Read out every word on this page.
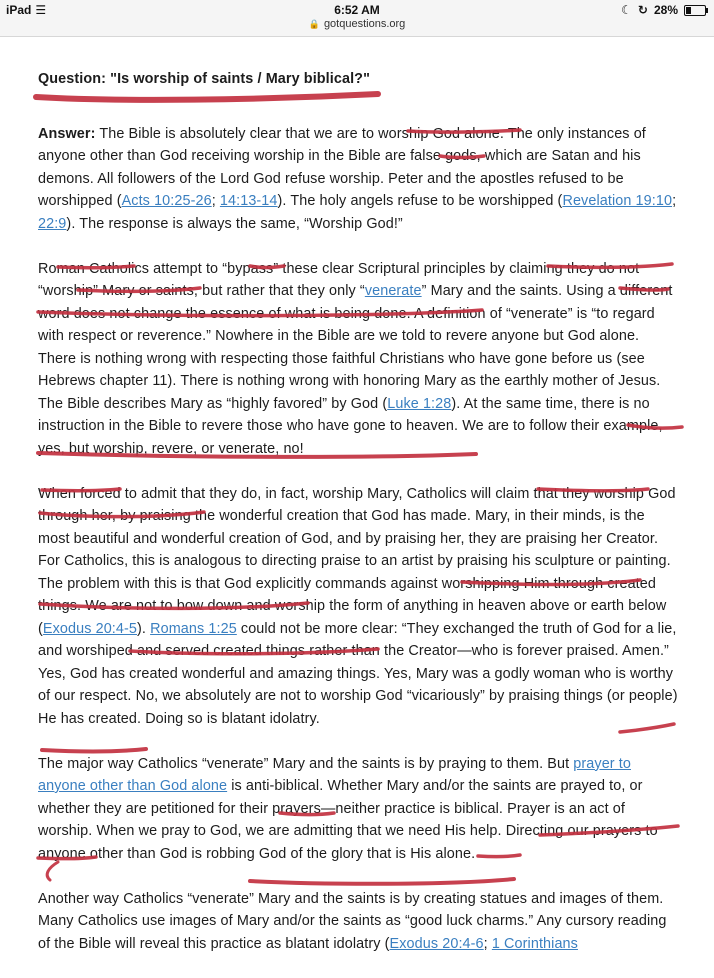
iPad ☰	6:52 AM	☾ ↻ 28%
🔒 gotquestions.org
Question: "Is worship of saints / Mary biblical?"

Answer: The Bible is absolutely clear that we are to worship God alone. The only instances of anyone other than God receiving worship in the Bible are false gods, which are Satan and his demons. All followers of the Lord God refuse worship. Peter and the apostles refused to be worshipped (Acts 10:25-26; 14:13-14). The holy angels refuse to be worshipped (Revelation 19:10; 22:9). The response is always the same, “Worship God!”

Roman Catholics attempt to “bypass” these clear Scriptural principles by claiming they do not “worship” Mary or saints, but rather that they only “venerate” Mary and the saints. Using a different word does not change the essence of what is being done. A definition of “venerate” is “to regard with respect or reverence.” Nowhere in the Bible are we told to revere anyone but God alone. There is nothing wrong with respecting those faithful Christians who have gone before us (see Hebrews chapter 11). There is nothing wrong with honoring Mary as the earthly mother of Jesus. The Bible describes Mary as “highly favored” by God (Luke 1:28). At the same time, there is no instruction in the Bible to revere those who have gone to heaven. We are to follow their example, yes, but worship, revere, or venerate, no!

When forced to admit that they do, in fact, worship Mary, Catholics will claim that they worship God through her, by praising the wonderful creation that God has made. Mary, in their minds, is the most beautiful and wonderful creation of God, and by praising her, they are praising her Creator. For Catholics, this is analogous to directing praise to an artist by praising his sculpture or painting. The problem with this is that God explicitly commands against worshipping Him through created things. We are not to bow down and worship the form of anything in heaven above or earth below (Exodus 20:4-5). Romans 1:25 could not be more clear: “They exchanged the truth of God for a lie, and worshiped and served created things rather than the Creator—who is forever praised. Amen.” Yes, God has created wonderful and amazing things. Yes, Mary was a godly woman who is worthy of our respect. No, we absolutely are not to worship God “vicariously” by praising things (or people) He has created. Doing so is blatant idolatry.

The major way Catholics “venerate” Mary and the saints is by praying to them. But prayer to anyone other than God alone is anti-biblical. Whether Mary and/or the saints are prayed to, or whether they are petitioned for their prayers—neither practice is biblical. Prayer is an act of worship. When we pray to God, we are admitting that we need His help. Directing our prayers to anyone other than God is robbing God of the glory that is His alone.

Another way Catholics “venerate” Mary and the saints is by creating statues and images of them. Many Catholics use images of Mary and/or the saints as “good luck charms.” Any cursory reading of the Bible will reveal this practice as blatant idolatry (Exodus 20:4-6; 1 Corinthians
